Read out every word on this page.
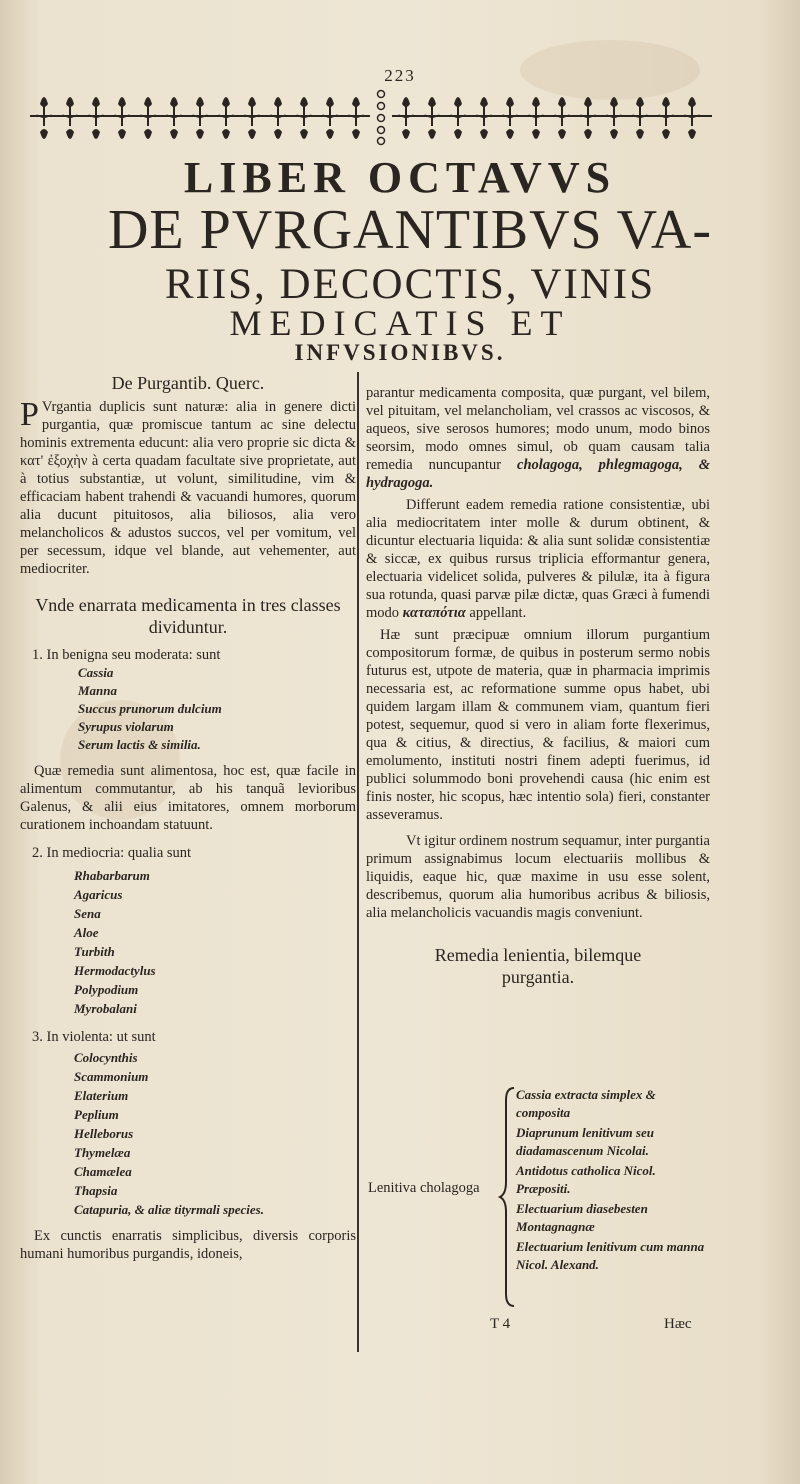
223
LIBER OCTAVVS
DE PVRGANTIBVS VA-
RIIS, DECOCTIS, VINIS
MEDICATIS ET
INFVSIONIBVS.

De Purgantib. Querc.

P Vrgantia duplicis sunt naturæ: alia in genere dicti purgantia, quæ promiscue tantum ac sine delectu hominis extrementa educunt: alia vero proprie sic dicta & κατ' ἐξοχὴν à certa quadam facultate sive proprietate, aut à totius substantiæ, ut volunt, similitudine, vim & efficaciam habent trahendi & vacuandi humores, quorum alia ducunt pituitosos, alia biliosos, alia vero melancholicos & adustos succos, vel per vomitum, vel per secessum, idque vel blande, aut vehementer, aut mediocriter.

Vnde enarrata medicamenta in tres classes dividuntur.

1. In benigna seu moderata: sunt

Cassia
Manna
Succus prunorum dulcium
Syrupus violarum
Serum lactis & similia.

Quæ remedia sunt alimentosa, hoc est, quæ facile in alimentum commutantur, ab his tanquã levioribus Galenus, & alii eius imitatores, omnem morborum curationem inchoandam statuunt.

2. In mediocria: qualia sunt

Rhabarbarum
Agaricus
Sena
Aloe
Turbith
Hermodactylus
Polypodium
Myrobalani

3. In violenta: ut sunt

Colocynthis
Scammonium
Elaterium
Peplium
Helleborus
Thymelæa
Chamælea
Thapsia
Catapuria, & aliæ tityrmali species.

Ex cunctis enarratis simplicibus, diversis corporis humani humoribus purgandis, idoneis,

parantur medicamenta composita, quæ purgant, vel bilem, vel pituitam, vel melancholiam, vel crassos ac viscosos, & aqueos, sive serosos humores; modo unum, modo binos seorsim, modo omnes simul, ob quam causam talia remedia nuncupantur cholagoga, phlegmagoga, & hydragoga.

Differunt eadem remedia ratione consistentiæ, ubi alia mediocritatem inter molle & durum obtinent, & dicuntur electuaria liquida: & alia sunt solidæ consistentiæ & siccæ, ex quibus rursus triplicia efformantur genera, electuaria videlicet solida, pulveres & pilulæ, ita à figura sua rotunda, quasi parvæ pilæ dictæ, quas Græci à fumendi modo καταπότια appellant.

Hæ sunt præcipuæ omnium illorum purgantium compositorum formæ, de quibus in posterum sermo nobis futurus est, utpote de materia, quæ in pharmacia imprimis necessaria est, ac reformatione summe opus habet, ubi quidem largam illam & communem viam, quantum fieri potest, sequemur, quod si vero in aliam forte flexerimus, qua & citius, & directius, & facilius, & maiori cum emolumento, instituti nostri finem adepti fuerimus, id publici solummodo boni provehendi causa (hic enim est finis noster, hic scopus, hæc intentio sola) fieri, constanter asseveramus.

Vt igitur ordinem nostrum sequamur, inter purgantia primum assignabimus locum electuariis mollibus & liquidis, eaque hic, quæ maxime in usu esse solent, describemus, quorum alia humoribus acribus & biliosis, alia melancholicis vacuandis magis conveniunt.

Remedia lenientia, bilemque purgantia.

Lenitiva cholagoga
Cassia extracta simplex & composita
Diaprunum lenitivum seu diadamascenum Nicolai.
Antidotus catholica Nicol. Præpositi.
Electuarium diasebesten Montagnagnæ
Electuarium lenitivum cum manna Nicol. Alexand.
T 4	Hæc
